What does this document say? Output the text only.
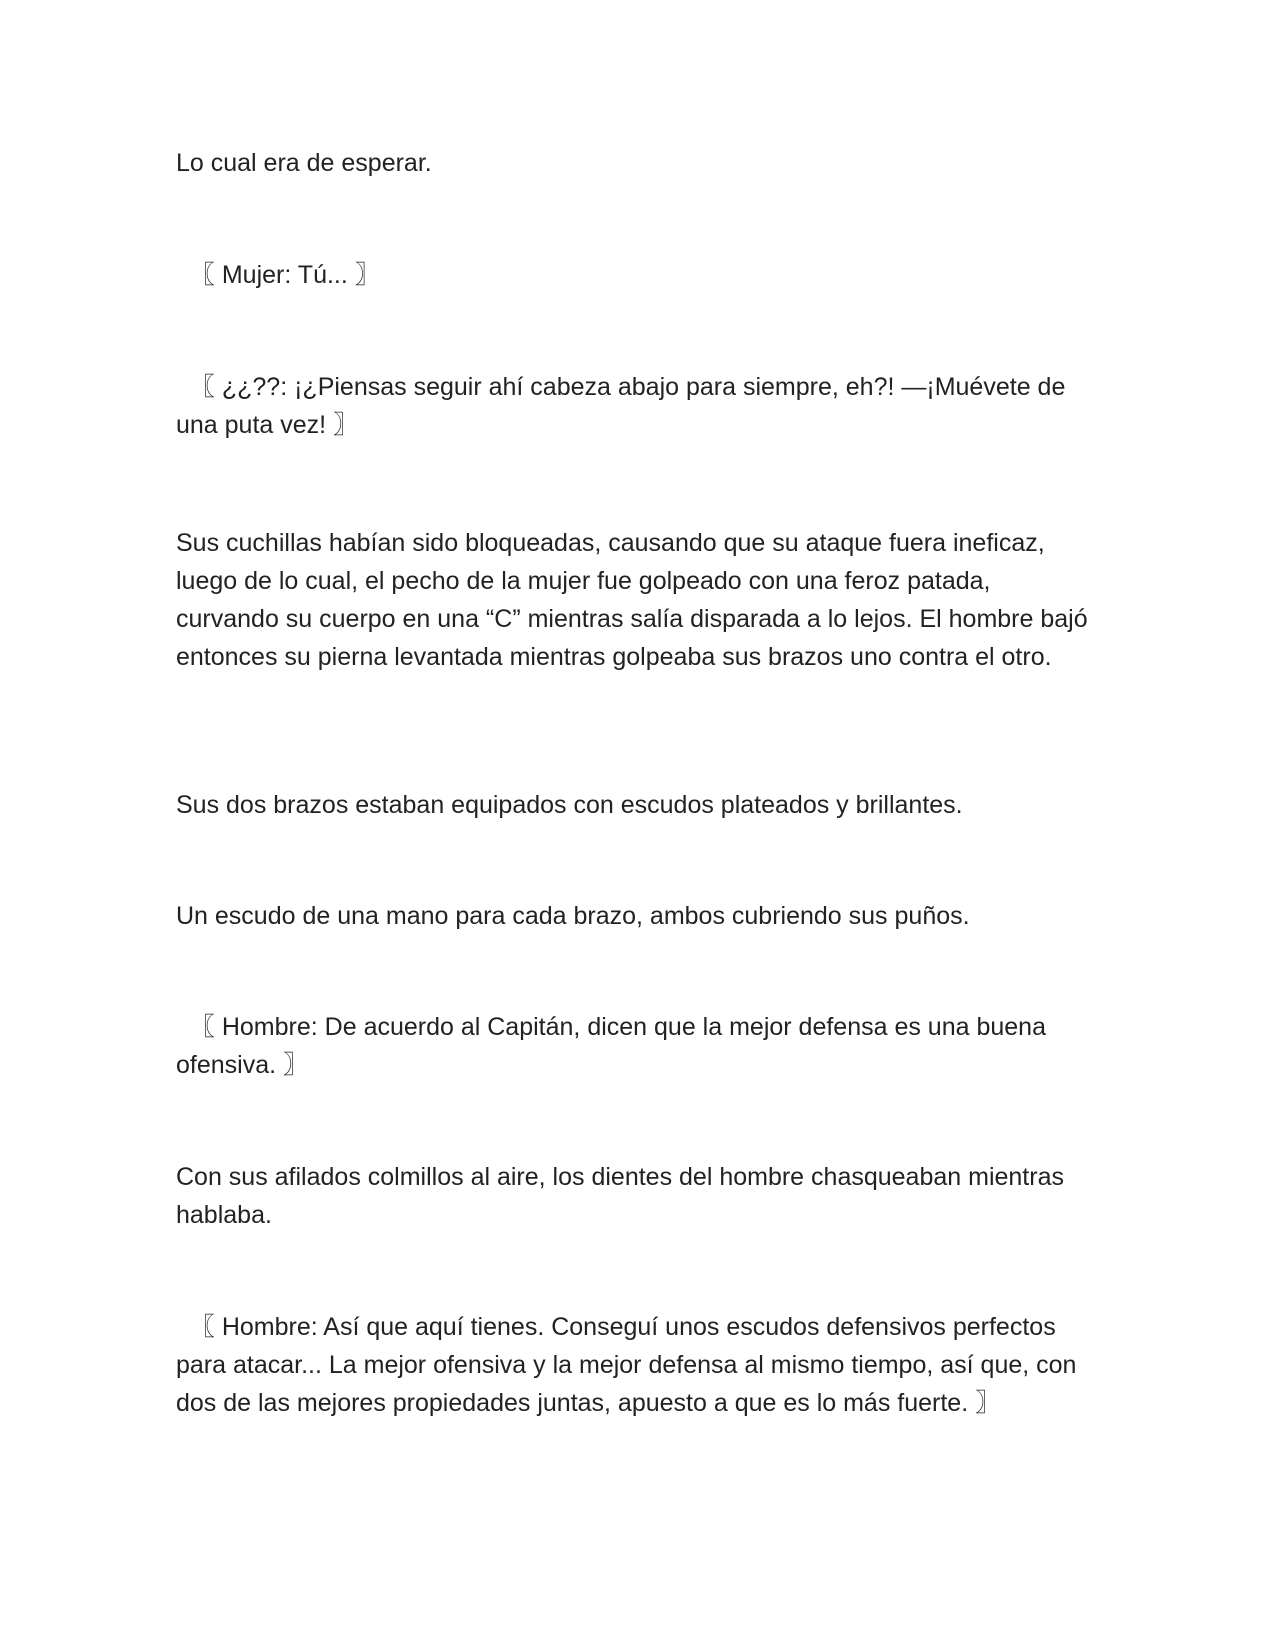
Lo cual era de esperar.

〖 Mujer: Tú... 〗

〖 ¿¿??: ¡¿Piensas seguir ahí cabeza abajo para siempre, eh?! —¡Muévete de una puta vez! 〗

Sus cuchillas habían sido bloqueadas, causando que su ataque fuera ineficaz, luego de lo cual, el pecho de la mujer fue golpeado con una feroz patada, curvando su cuerpo en una “C” mientras salía disparada a lo lejos. El hombre bajó entonces su pierna levantada mientras golpeaba sus brazos uno contra el otro.

Sus dos brazos estaban equipados con escudos plateados y brillantes.

Un escudo de una mano para cada brazo, ambos cubriendo sus puños.

〖 Hombre: De acuerdo al Capitán, dicen que la mejor defensa es una buena ofensiva. 〗

Con sus afilados colmillos al aire, los dientes del hombre chasqueaban mientras hablaba.

〖 Hombre: Así que aquí tienes. Conseguí unos escudos defensivos perfectos para atacar... La mejor ofensiva y la mejor defensa al mismo tiempo, así que, con dos de las mejores propiedades juntas, apuesto a que es lo más fuerte. 〗
